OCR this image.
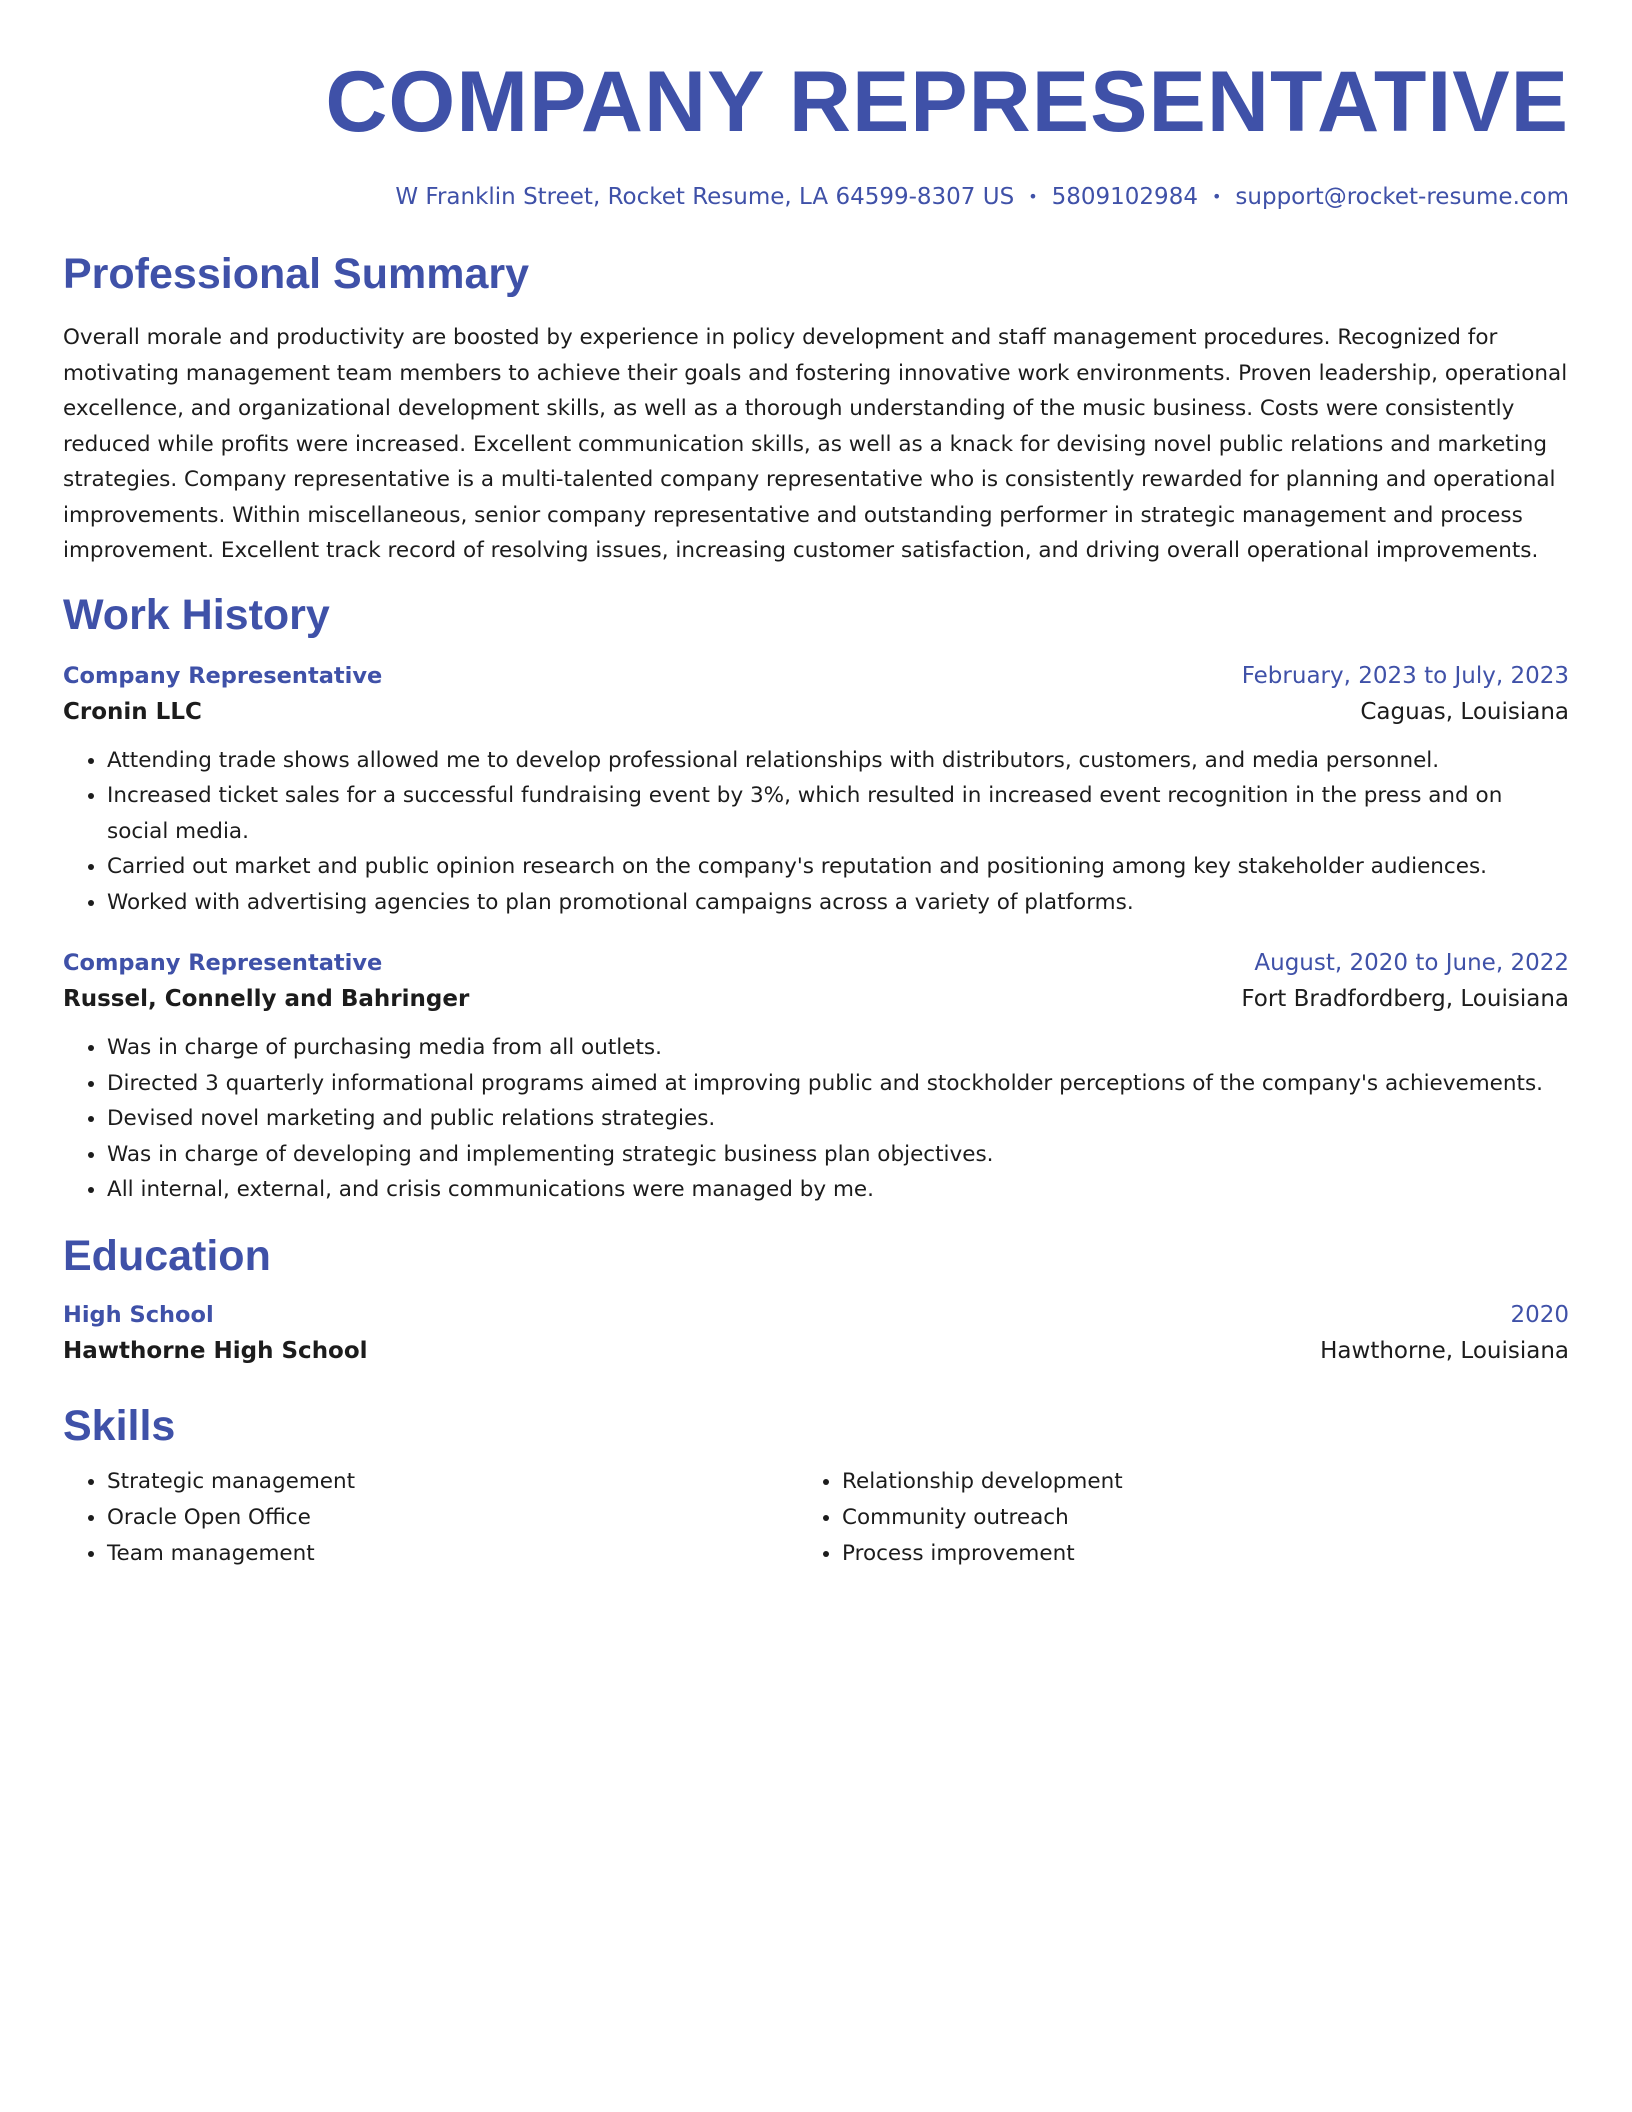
COMPANY REPRESENTATIVE
W Franklin Street, Rocket Resume, LA 64599-8307 US • 5809102984 • support@rocket-resume.com
Professional Summary
Overall morale and productivity are boosted by experience in policy development and staff management procedures. Recognized for motivating management team members to achieve their goals and fostering innovative work environments. Proven leadership, operational excellence, and organizational development skills, as well as a thorough understanding of the music business. Costs were consistently reduced while profits were increased. Excellent communication skills, as well as a knack for devising novel public relations and marketing strategies. Company representative is a multi-talented company representative who is consistently rewarded for planning and operational improvements. Within miscellaneous, senior company representative and outstanding performer in strategic management and process improvement. Excellent track record of resolving issues, increasing customer satisfaction, and driving overall operational improvements.
Work History
Company Representative	February, 2023 to July, 2023
Cronin LLC	Caguas, Louisiana
• Attending trade shows allowed me to develop professional relationships with distributors, customers, and media personnel.
• Increased ticket sales for a successful fundraising event by 3%, which resulted in increased event recognition in the press and on social media.
• Carried out market and public opinion research on the company's reputation and positioning among key stakeholder audiences.
• Worked with advertising agencies to plan promotional campaigns across a variety of platforms.
Company Representative	August, 2020 to June, 2022
Russel, Connelly and Bahringer	Fort Bradfordberg, Louisiana
• Was in charge of purchasing media from all outlets.
• Directed 3 quarterly informational programs aimed at improving public and stockholder perceptions of the company's achievements.
• Devised novel marketing and public relations strategies.
• Was in charge of developing and implementing strategic business plan objectives.
• All internal, external, and crisis communications were managed by me.
Education
High School	2020
Hawthorne High School	Hawthorne, Louisiana
Skills
• Strategic management
• Oracle Open Office
• Team management
• Relationship development
• Community outreach
• Process improvement
